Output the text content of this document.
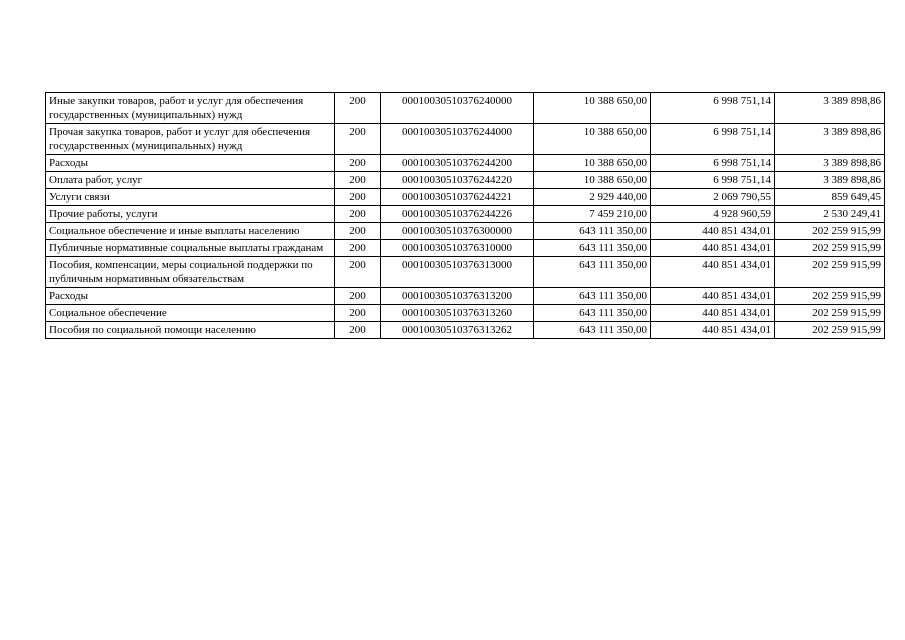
Иные закупки товаров, работ и услуг для обеспечения государственных (муниципальных) нужд	200	00010030510376240000	10 388 650,00	6 998 751,14	3 389 898,86
Прочая закупка товаров, работ и услуг для обеспечения государственных (муниципальных) нужд	200	00010030510376244000	10 388 650,00	6 998 751,14	3 389 898,86
Расходы	200	00010030510376244200	10 388 650,00	6 998 751,14	3 389 898,86
Оплата работ, услуг	200	00010030510376244220	10 388 650,00	6 998 751,14	3 389 898,86
Услуги связи	200	00010030510376244221	2 929 440,00	2 069 790,55	859 649,45
Прочие работы, услуги	200	00010030510376244226	7 459 210,00	4 928 960,59	2 530 249,41
Социальное обеспечение и иные выплаты населению	200	00010030510376300000	643 111 350,00	440 851 434,01	202 259 915,99
Публичные нормативные социальные выплаты гражданам	200	00010030510376310000	643 111 350,00	440 851 434,01	202 259 915,99
Пособия, компенсации, меры социальной поддержки по публичным нормативным обязательствам	200	00010030510376313000	643 111 350,00	440 851 434,01	202 259 915,99
Расходы	200	00010030510376313200	643 111 350,00	440 851 434,01	202 259 915,99
Социальное обеспечение	200	00010030510376313260	643 111 350,00	440 851 434,01	202 259 915,99
Пособия по социальной помощи населению	200	00010030510376313262	643 111 350,00	440 851 434,01	202 259 915,99
